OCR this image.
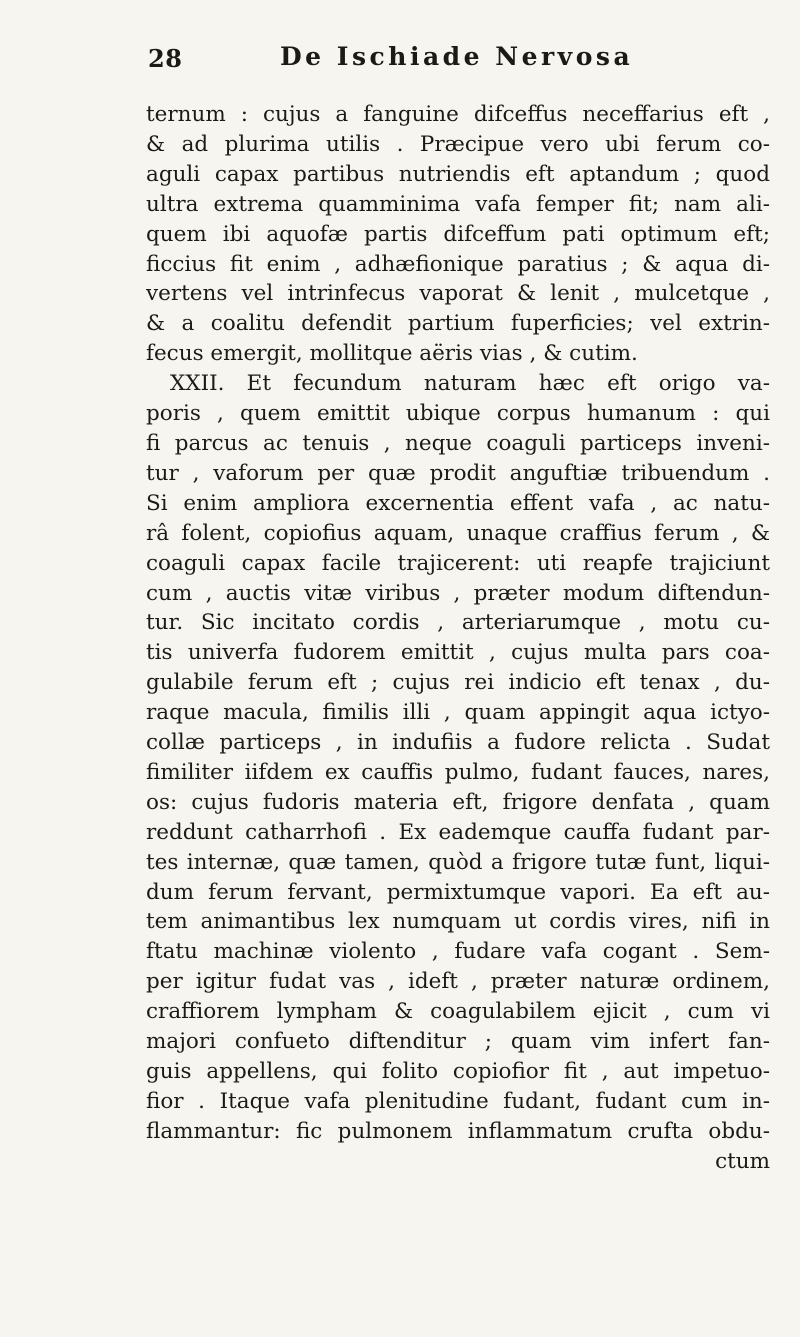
28	De Ischiade Nervosa
ternum : cujus a fanguine difceffus neceffarius eft ,
& ad plurima utilis . Præcipue vero ubi ferum co-
aguli capax partibus nutriendis eft aptandum ; quod
ultra extrema quamminima vafa femper fit; nam ali-
quem ibi aquofæ partis difceffum pati optimum eft;
ficcius fit enim , adhæfionique paratius ; & aqua di-
vertens vel intrinfecus vaporat & lenit , mulcetque ,
& a coalitu defendit partium fuperficies; vel extrin-
fecus emergit, mollitque aëris vias , & cutim.
XXII. Et fecundum naturam hæc eft origo va-
poris , quem emittit ubique corpus humanum : qui
fi parcus ac tenuis , neque coaguli particeps inveni-
tur , vaforum per quæ prodit anguftiæ tribuendum .
Si enim ampliora excernentia effent vafa , ac natu-
râ folent, copiofius aquam, unaque craffius ferum , &
coaguli capax facile trajicerent: uti reapfe trajiciunt
cum , auctis vitæ viribus , præter modum diftendun-
tur. Sic incitato cordis , arteriarumque , motu cu-
tis univerfa fudorem emittit , cujus multa pars coa-
gulabile ferum eft ; cujus rei indicio eft tenax , du-
raque macula, fimilis illi , quam appingit aqua ictyo-
collæ particeps , in indufiis a fudore relicta . Sudat
fimiliter iifdem ex cauffis pulmo, fudant fauces, nares,
os: cujus fudoris materia eft, frigore denfata , quam
reddunt catharrhofi . Ex eademque cauffa fudant par-
tes internæ, quæ tamen, quòd a frigore tutæ funt, liqui-
dum ferum fervant, permixtumque vapori. Ea eft au-
tem animantibus lex numquam ut cordis vires, nifi in
ftatu machinæ violento , fudare vafa cogant . Sem-
per igitur fudat vas , ideft , præter naturæ ordinem,
craffiorem lympham & coagulabilem ejicit , cum vi
majori confueto diftenditur ; quam vim infert fan-
guis appellens, qui folito copiofior fit , aut impetuo-
fior . Itaque vafa plenitudine fudant, fudant cum in-
flammantur: fic pulmonem inflammatum crufta obdu-
ctum
